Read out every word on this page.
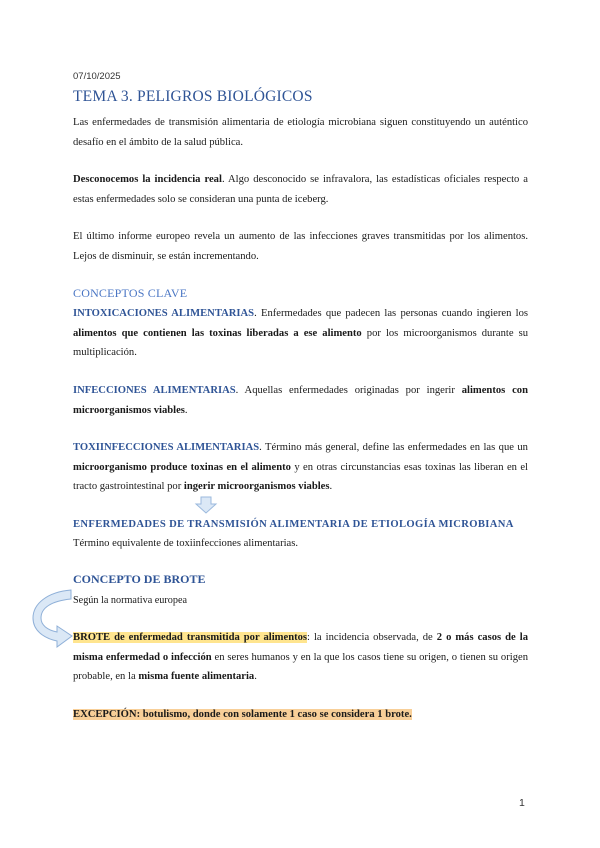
07/10/2025
TEMA 3. PELIGROS BIOLÓGICOS
Las enfermedades de transmisión alimentaria de etiología microbiana siguen constituyendo un auténtico desafío en el ámbito de la salud pública.
Desconocemos la incidencia real. Algo desconocido se infravalora, las estadísticas oficiales respecto a estas enfermedades solo se consideran una punta de iceberg.
El último informe europeo revela un aumento de las infecciones graves transmitidas por los alimentos. Lejos de disminuir, se están incrementando.
CONCEPTOS CLAVE
INTOXICACIONES ALIMENTARIAS. Enfermedades que padecen las personas cuando ingieren los alimentos que contienen las toxinas liberadas a ese alimento por los microorganismos durante su multiplicación.
INFECCIONES ALIMENTARIAS. Aquellas enfermedades originadas por ingerir alimentos con microorganismos viables.
TOXIINFECCIONES ALIMENTARIAS. Término más general, define las enfermedades en las que un microorganismo produce toxinas en el alimento y en otras circunstancias esas toxinas las liberan en el tracto gastrointestinal por ingerir microorganismos viables.
ENFERMEDADES DE TRANSMISIÓN ALIMENTARIA DE ETIOLOGÍA MICROBIANA
Término equivalente de toxiinfecciones alimentarias.
CONCEPTO DE BROTE
Según la normativa europea
BROTE de enfermedad transmitida por alimentos: la incidencia observada, de 2 o más casos de la misma enfermedad o infección en seres humanos y en la que los casos tiene su origen, o tienen su origen probable, en la misma fuente alimentaria.
EXCEPCIÓN: botulismo, donde con solamente 1 caso se considera 1 brote.
1
